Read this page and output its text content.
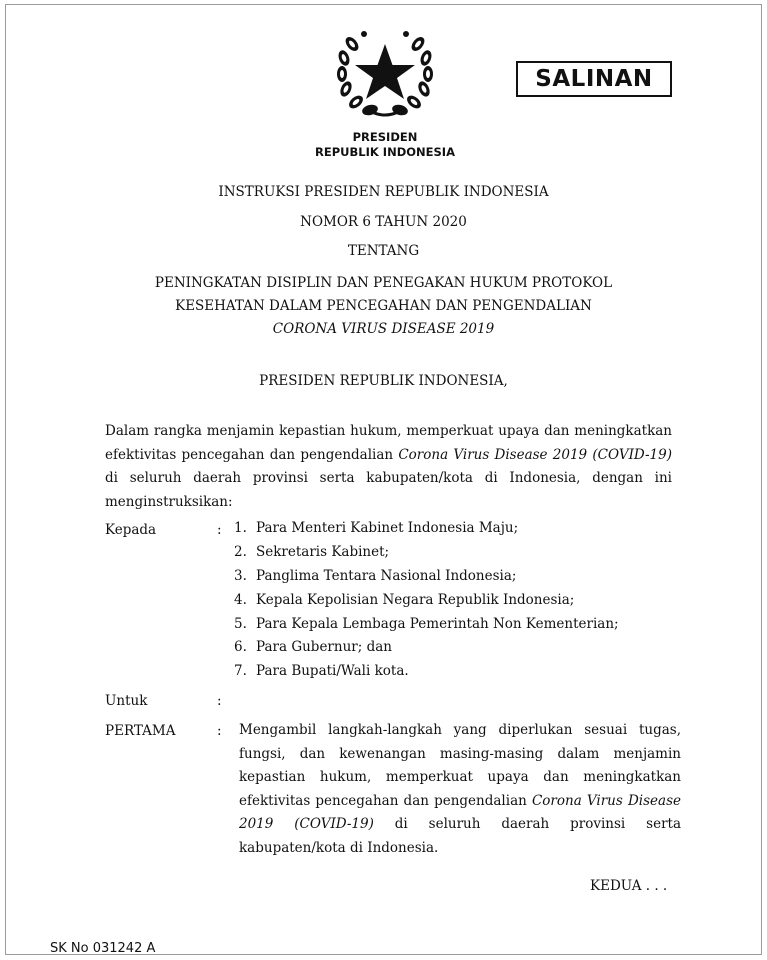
SALINAN
PRESIDEN
REPUBLIK INDONESIA
INSTRUKSI PRESIDEN REPUBLIK INDONESIA
NOMOR 6 TAHUN 2020
TENTANG
PENINGKATAN DISIPLIN DAN PENEGAKAN HUKUM PROTOKOL
KESEHATAN DALAM PENCEGAHAN DAN PENGENDALIAN
CORONA VIRUS DISEASE 2019
PRESIDEN REPUBLIK INDONESIA,
Dalam rangka menjamin kepastian hukum, memperkuat upaya dan meningkatkan efektivitas pencegahan dan pengendalian Corona Virus Disease 2019 (COVID-19) di seluruh daerah provinsi serta kabupaten/kota di Indonesia, dengan ini menginstruksikan:
Kepada	: 1. Para Menteri Kabinet Indonesia Maju;
2. Sekretaris Kabinet;
3. Panglima Tentara Nasional Indonesia;
4. Kepala Kepolisian Negara Republik Indonesia;
5. Para Kepala Lembaga Pemerintah Non Kementerian;
6. Para Gubernur; dan
7. Para Bupati/Wali kota.
Untuk	:
PERTAMA	: Mengambil langkah-langkah yang diperlukan sesuai tugas, fungsi, dan kewenangan masing-masing dalam menjamin kepastian hukum, memperkuat upaya dan meningkatkan efektivitas pencegahan dan pengendalian Corona Virus Disease 2019 (COVID-19) di seluruh daerah provinsi serta kabupaten/kota di Indonesia.
KEDUA . . .
SK No 031242 A
